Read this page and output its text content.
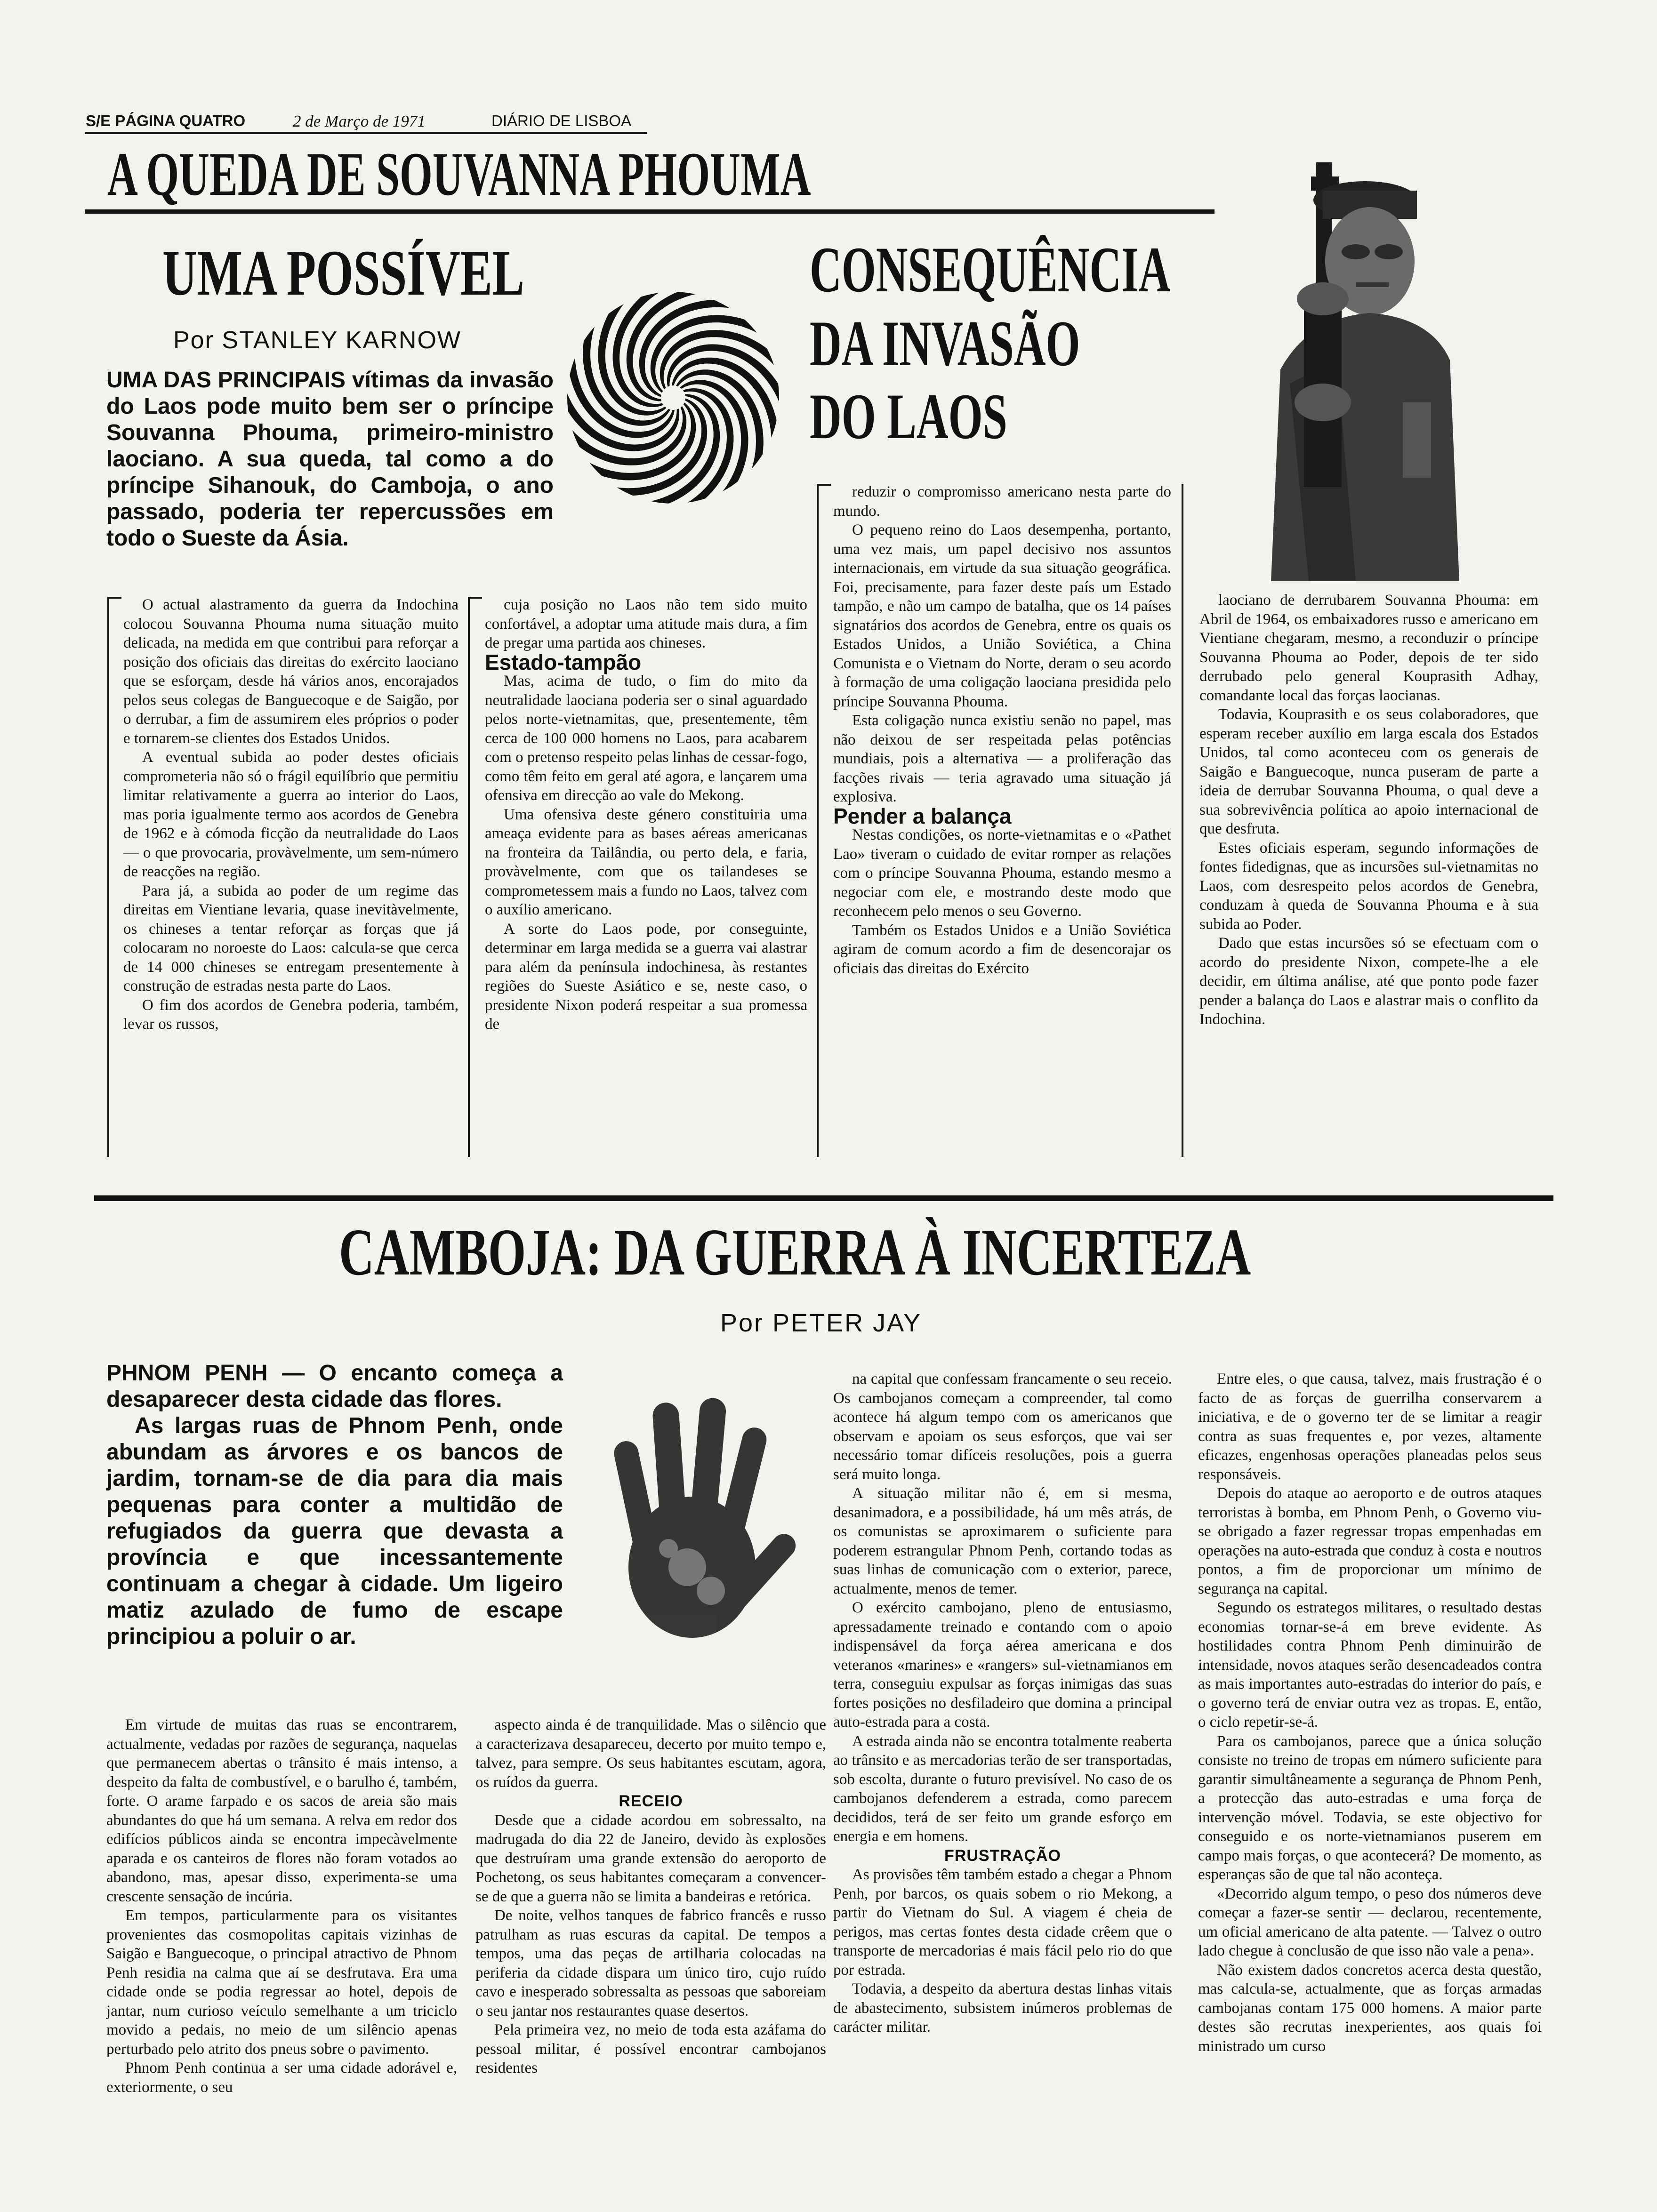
S/E PÁGINA QUATRO	2 de Março de 1971	DIÁRIO DE LISBOA
A QUEDA DE SOUVANNA PHOUMA
UMA POSSÍVEL
Por STANLEY KARNOW
CONSEQUÊNCIA
DA INVASÃO
DO LAOS
UMA DAS PRINCIPAIS vítimas da invasão do Laos pode muito bem ser o príncipe Souvanna Phouma, primeiro-ministro laociano. A sua queda, tal como a do príncipe Sihanouk, do Camboja, o ano passado, poderia ter repercussões em todo o Sueste da Ásia.

O actual alastramento da guerra da Indochina colocou Souvanna Phouma numa situação muito delicada, na medida em que contribui para reforçar a posição dos oficiais das direitas do exército laociano que se esforçam, desde há vários anos, encorajados pelos seus colegas de Banguecoque e de Saigão, por o derrubar, a fim de assumirem eles próprios o poder e tornarem-se clientes dos Estados Unidos.

A eventual subida ao poder destes oficiais comprometeria não só o frágil equilíbrio que permitiu limitar relativamente a guerra ao interior do Laos, mas poria igualmente termo aos acordos de Genebra de 1962 e à cómoda ficção da neutralidade do Laos — o que provocaria, provàvelmente, um sem-número de reacções na região.

Para já, a subida ao poder de um regime das direitas em Vientiane levaria, quase inevitàvelmente, os chineses a tentar reforçar as forças que já colocaram no noroeste do Laos: calcula-se que cerca de 14 000 chineses se entregam presentemente à construção de estradas nesta parte do Laos.

O fim dos acordos de Genebra poderia, também, levar os russos,

cuja posição no Laos não tem sido muito confortável, a adoptar uma atitude mais dura, a fim de pregar uma partida aos chineses.

Estado-tampão

Mas, acima de tudo, o fim do mito da neutralidade laociana poderia ser o sinal aguardado pelos norte-vietnamitas, que, presentemente, têm cerca de 100 000 homens no Laos, para acabarem com o pretenso respeito pelas linhas de cessar-fogo, como têm feito em geral até agora, e lançarem uma ofensiva em direcção ao vale do Mekong.

Uma ofensiva deste género constituiria uma ameaça evidente para as bases aéreas americanas na fronteira da Tailândia, ou perto dela, e faria, provàvelmente, com que os tailandeses se comprometessem mais a fundo no Laos, talvez com o auxílio americano.

A sorte do Laos pode, por conseguinte, determinar em larga medida se a guerra vai alastrar para além da península indochinesa, às restantes regiões do Sueste Asiático e se, neste caso, o presidente Nixon poderá respeitar a sua promessa de

reduzir o compromisso americano nesta parte do mundo.

O pequeno reino do Laos desempenha, portanto, uma vez mais, um papel decisivo nos assuntos internacionais, em virtude da sua situação geográfica. Foi, precisamente, para fazer deste país um Estado tampão, e não um campo de batalha, que os 14 países signatários dos acordos de Genebra, entre os quais os Estados Unidos, a União Soviética, a China Comunista e o Vietnam do Norte, deram o seu acordo à formação de uma coligação laociana presidida pelo príncipe Souvanna Phouma.

Esta coligação nunca existiu senão no papel, mas não deixou de ser respeitada pelas potências mundiais, pois a alternativa — a proliferação das facções rivais — teria agravado uma situação já explosiva.

Pender a balança

Nestas condições, os norte-vietnamitas e o «Pathet Lao» tiveram o cuidado de evitar romper as relações com o príncipe Souvanna Phouma, estando mesmo a negociar com ele, e mostrando deste modo que reconhecem pelo menos o seu Governo.

Também os Estados Unidos e a União Soviética agiram de comum acordo a fim de desencorajar os oficiais das direitas do Exército

laociano de derrubarem Souvanna Phouma: em Abril de 1964, os embaixadores russo e americano em Vientiane chegaram, mesmo, a reconduzir o príncipe Souvanna Phouma ao Poder, depois de ter sido derrubado pelo general Kouprasith Adhay, comandante local das forças laocianas.

Todavia, Kouprasith e os seus colaboradores, que esperam receber auxílio em larga escala dos Estados Unidos, tal como aconteceu com os generais de Saigão e Banguecoque, nunca puseram de parte a ideia de derrubar Souvanna Phouma, o qual deve a sua sobrevivência política ao apoio internacional de que desfruta.

Estes oficiais esperam, segundo informações de fontes fidedignas, que as incursões sul-vietnamitas no Laos, com desrespeito pelos acordos de Genebra, conduzam à queda de Souvanna Phouma e à sua subida ao Poder.

Dado que estas incursões só se efectuam com o acordo do presidente Nixon, compete-lhe a ele decidir, em última análise, até que ponto pode fazer pender a balança do Laos e alastrar mais o conflito da Indochina.

CAMBOJA: DA GUERRA À INCERTEZA
Por PETER JAY
PHNOM PENH — O encanto começa a desaparecer desta cidade das flores.
As largas ruas de Phnom Penh, onde abundam as árvores e os bancos de jardim, tornam-se de dia para dia mais pequenas para conter a multidão de refugiados da guerra que devasta a província e que incessantemente continuam a chegar à cidade. Um ligeiro matiz azulado de fumo de escape principiou a poluir o ar.

Em virtude de muitas das ruas se encontrarem, actualmente, vedadas por razões de segurança, naquelas que permanecem abertas o trânsito é mais intenso, a despeito da falta de combustível, e o barulho é, também, forte. O arame farpado e os sacos de areia são mais abundantes do que há um semana. A relva em redor dos edifícios públicos ainda se encontra impecàvelmente aparada e os canteiros de flores não foram votados ao abandono, mas, apesar disso, experimenta-se uma crescente sensação de incúria.

Em tempos, particularmente para os visitantes provenientes das cosmopolitas capitais vizinhas de Saigão e Banguecoque, o principal atractivo de Phnom Penh residia na calma que aí se desfrutava. Era uma cidade onde se podia regressar ao hotel, depois de jantar, num curioso veículo semelhante a um triciclo movido a pedais, no meio de um silêncio apenas perturbado pelo atrito dos pneus sobre o pavimento.

Phnom Penh continua a ser uma cidade adorável e, exteriormente, o seu

aspecto ainda é de tranquilidade. Mas o silêncio que a caracterizava desapareceu, decerto por muito tempo e, talvez, para sempre. Os seus habitantes escutam, agora, os ruídos da guerra.

RECEIO

Desde que a cidade acordou em sobressalto, na madrugada do dia 22 de Janeiro, devido às explosões que destruíram uma grande extensão do aeroporto de Pochetong, os seus habitantes começaram a convencer-se de que a guerra não se limita a bandeiras e retórica.

De noite, velhos tanques de fabrico francês e russo patrulham as ruas escuras da capital. De tempos a tempos, uma das peças de artilharia colocadas na periferia da cidade dispara um único tiro, cujo ruído cavo e inesperado sobressalta as pessoas que saboreiam o seu jantar nos restaurantes quase desertos.

Pela primeira vez, no meio de toda esta azáfama do pessoal militar, é possível encontrar cambojanos residentes

na capital que confessam francamente o seu receio. Os cambojanos começam a compreender, tal como acontece há algum tempo com os americanos que observam e apoiam os seus esforços, que vai ser necessário tomar difíceis resoluções, pois a guerra será muito longa.

A situação militar não é, em si mesma, desanimadora, e a possibilidade, há um mês atrás, de os comunistas se aproximarem o suficiente para poderem estrangular Phnom Penh, cortando todas as suas linhas de comunicação com o exterior, parece, actualmente, menos de temer.

O exército cambojano, pleno de entusiasmo, apressadamente treinado e contando com o apoio indispensável da força aérea americana e dos veteranos «marines» e «rangers» sul-vietnamianos em terra, conseguiu expulsar as forças inimigas das suas fortes posições no desfiladeiro que domina a principal auto-estrada para a costa.

A estrada ainda não se encontra totalmente reaberta ao trânsito e as mercadorias terão de ser transportadas, sob escolta, durante o futuro previsível. No caso de os cambojanos defenderem a estrada, como parecem decididos, terá de ser feito um grande esforço em energia e em homens.

FRUSTRAÇÃO

As provisões têm também estado a chegar a Phnom Penh, por barcos, os quais sobem o rio Mekong, a partir do Vietnam do Sul. A viagem é cheia de perigos, mas certas fontes desta cidade crêem que o transporte de mercadorias é mais fácil pelo rio do que por estrada.

Todavia, a despeito da abertura destas linhas vitais de abastecimento, subsistem inúmeros problemas de carácter militar.

Entre eles, o que causa, talvez, mais frustração é o facto de as forças de guerrilha conservarem a iniciativa, e de o governo ter de se limitar a reagir contra as suas frequentes e, por vezes, altamente eficazes, engenhosas operações planeadas pelos seus responsáveis.

Depois do ataque ao aeroporto e de outros ataques terroristas à bomba, em Phnom Penh, o Governo viu-se obrigado a fazer regressar tropas empenhadas em operações na auto-estrada que conduz à costa e noutros pontos, a fim de proporcionar um mínimo de segurança na capital.

Segundo os estrategos militares, o resultado destas economias tornar-se-á em breve evidente. As hostilidades contra Phnom Penh diminuirão de intensidade, novos ataques serão desencadeados contra as mais importantes auto-estradas do interior do país, e o governo terá de enviar outra vez as tropas. E, então, o ciclo repetir-se-á.

Para os cambojanos, parece que a única solução consiste no treino de tropas em número suficiente para garantir simultâneamente a segurança de Phnom Penh, a protecção das auto-estradas e uma força de intervenção móvel. Todavia, se este objectivo for conseguido e os norte-vietnamianos puserem em campo mais forças, o que acontecerá? De momento, as esperanças são de que tal não aconteça.

«Decorrido algum tempo, o peso dos números deve começar a fazer-se sentir — declarou, recentemente, um oficial americano de alta patente. — Talvez o outro lado chegue à conclusão de que isso não vale a pena».

Não existem dados concretos acerca desta questão, mas calcula-se, actualmente, que as forças armadas cambojanas contam 175 000 homens. A maior parte destes são recrutas inexperientes, aos quais foi ministrado um curso
